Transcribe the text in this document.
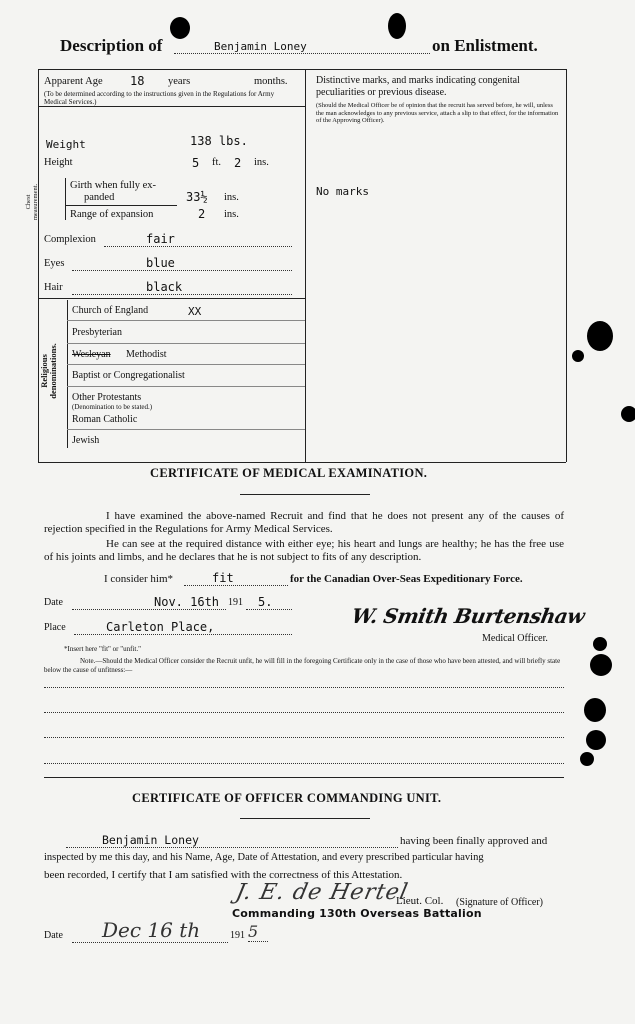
Description of	Benjamin Loney	on Enlistment.
Apparent Age 18 years	months.
(To be determined according to the instructions given in the Regulations for Army Medical Services.)
Weight	138 lbs.
Height	5 ft. 2 ins.
Chest measurement.	Girth when fully ex-
panded	33½ ins.
Range of expansion	2 ins.
Complexion	fair
Eyes	blue
Hair	black
Religious denominations.
Church of England	XX
Presbyterian
Wesleyan Methodist
Baptist or Congregationalist
Other Protestants
(Denomination to be stated.)
Roman Catholic
Jewish
Distinctive marks, and marks indicating congenital
peculiarities or previous disease.
(Should the Medical Officer be of opinion that the recruit has served before, he will, unless the man acknowledges to any previous service, attach a slip to that effect, for the information of the Approving Officer).
No marks
CERTIFICATE OF MEDICAL EXAMINATION.
I have examined the above-named Recruit and find that he does not present any of the causes of rejection specified in the Regulations for Army Medical Services.
He can see at the required distance with either eye; his heart and lungs are healthy; he has the free use of his joints and limbs, and he declares that he is not subject to fits of any description.
I consider him*	fit	for the Canadian Over-Seas Expeditionary Force.
Date	Nov. 16th 191	5.
Place	Carleton Place,	W. Smith Burtenshaw
Medical Officer.
*Insert here "fit" or "unfit."
Note.—Should the Medical Officer consider the Recruit unfit, he will fill in the foregoing Certificate only in the case of those who have been attested, and will briefly state below the cause of unfitness:—
CERTIFICATE OF OFFICER COMMANDING UNIT.
Benjamin Loney	having been finally approved and
inspected by me this day, and his Name, Age, Date of Attestation, and every prescribed particular having
been recorded, I certify that I am satisfied with the correctness of this Attestation.
J. E. de Hertel
Lieut. Col. (Signature of Officer)
Commanding 130th Overseas Battalion
Date	Dec 16 th	191 5
